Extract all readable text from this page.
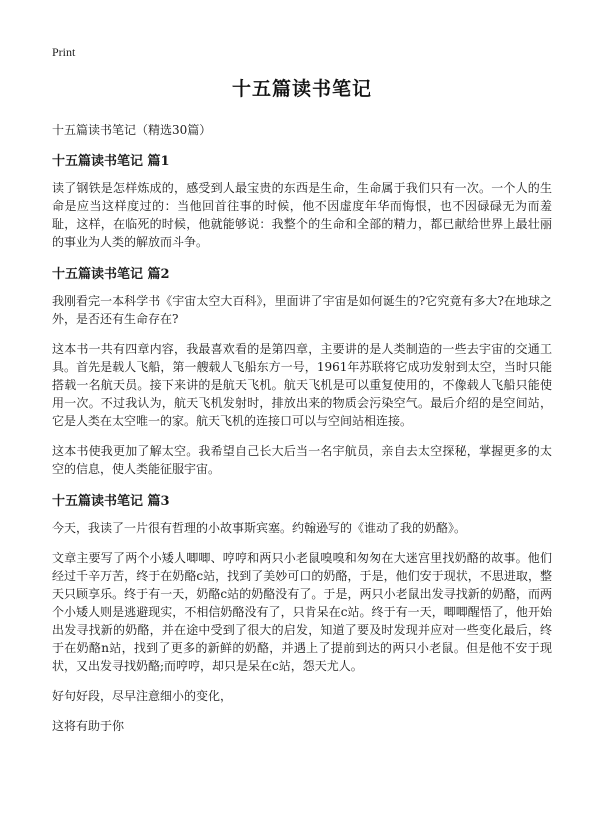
Print
十五篇读书笔记
十五篇读书笔记（精选30篇）
十五篇读书笔记 篇1

读了钢铁是怎样炼成的，感受到人最宝贵的东西是生命，生命属于我们只有一次。一个人的生命是应当这样度过的：当他回首往事的时候，他不因虚度年华而悔恨，也不因碌碌无为而羞耻，这样，在临死的时候，他就能够说：我整个的生命和全部的精力，都已献给世界上最壮丽的事业为人类的解放而斗争。

十五篇读书笔记 篇2

我刚看完一本科学书《宇宙太空大百科》，里面讲了宇宙是如何诞生的?它究竟有多大?在地球之外，是否还有生命存在?

这本书一共有四章内容，我最喜欢看的是第四章，主要讲的是人类制造的一些去宇宙的交通工具。首先是载人飞船，第一艘载人飞船东方一号，1961年苏联将它成功发射到太空，当时只能搭载一名航天员。接下来讲的是航天飞机。航天飞机是可以重复使用的，不像载人飞船只能使用一次。不过我认为，航天飞机发射时，排放出来的物质会污染空气。最后介绍的是空间站，它是人类在太空唯一的家。航天飞机的连接口可以与空间站相连接。

这本书使我更加了解太空。我希望自己长大后当一名宇航员，亲自去太空探秘，掌握更多的太空的信息，使人类能征服宇宙。

十五篇读书笔记 篇3

今天，我读了一片很有哲理的小故事斯宾塞。约翰逊写的《谁动了我的奶酪》。

文章主要写了两个小矮人唧唧、哼哼和两只小老鼠嗅嗅和匆匆在大迷宫里找奶酪的故事。他们经过千辛万苦，终于在奶酪c站，找到了美妙可口的奶酪，于是，他们安于现状，不思进取，整天只顾享乐。终于有一天，奶酪c站的奶酪没有了。于是，两只小老鼠出发寻找新的奶酪，而两个小矮人则是逃避现实，不相信奶酪没有了，只肯呆在c站。终于有一天，唧唧醒悟了，他开始出发寻找新的奶酪，并在途中受到了很大的启发，知道了要及时发现并应对一些变化最后，终于在奶酪n站，找到了更多的新鲜的奶酪，并遇上了提前到达的两只小老鼠。但是他不安于现状，又出发寻找奶酪;而哼哼，却只是呆在c站，怨天尤人。

好句好段，尽早注意细小的变化，

这将有助于你
